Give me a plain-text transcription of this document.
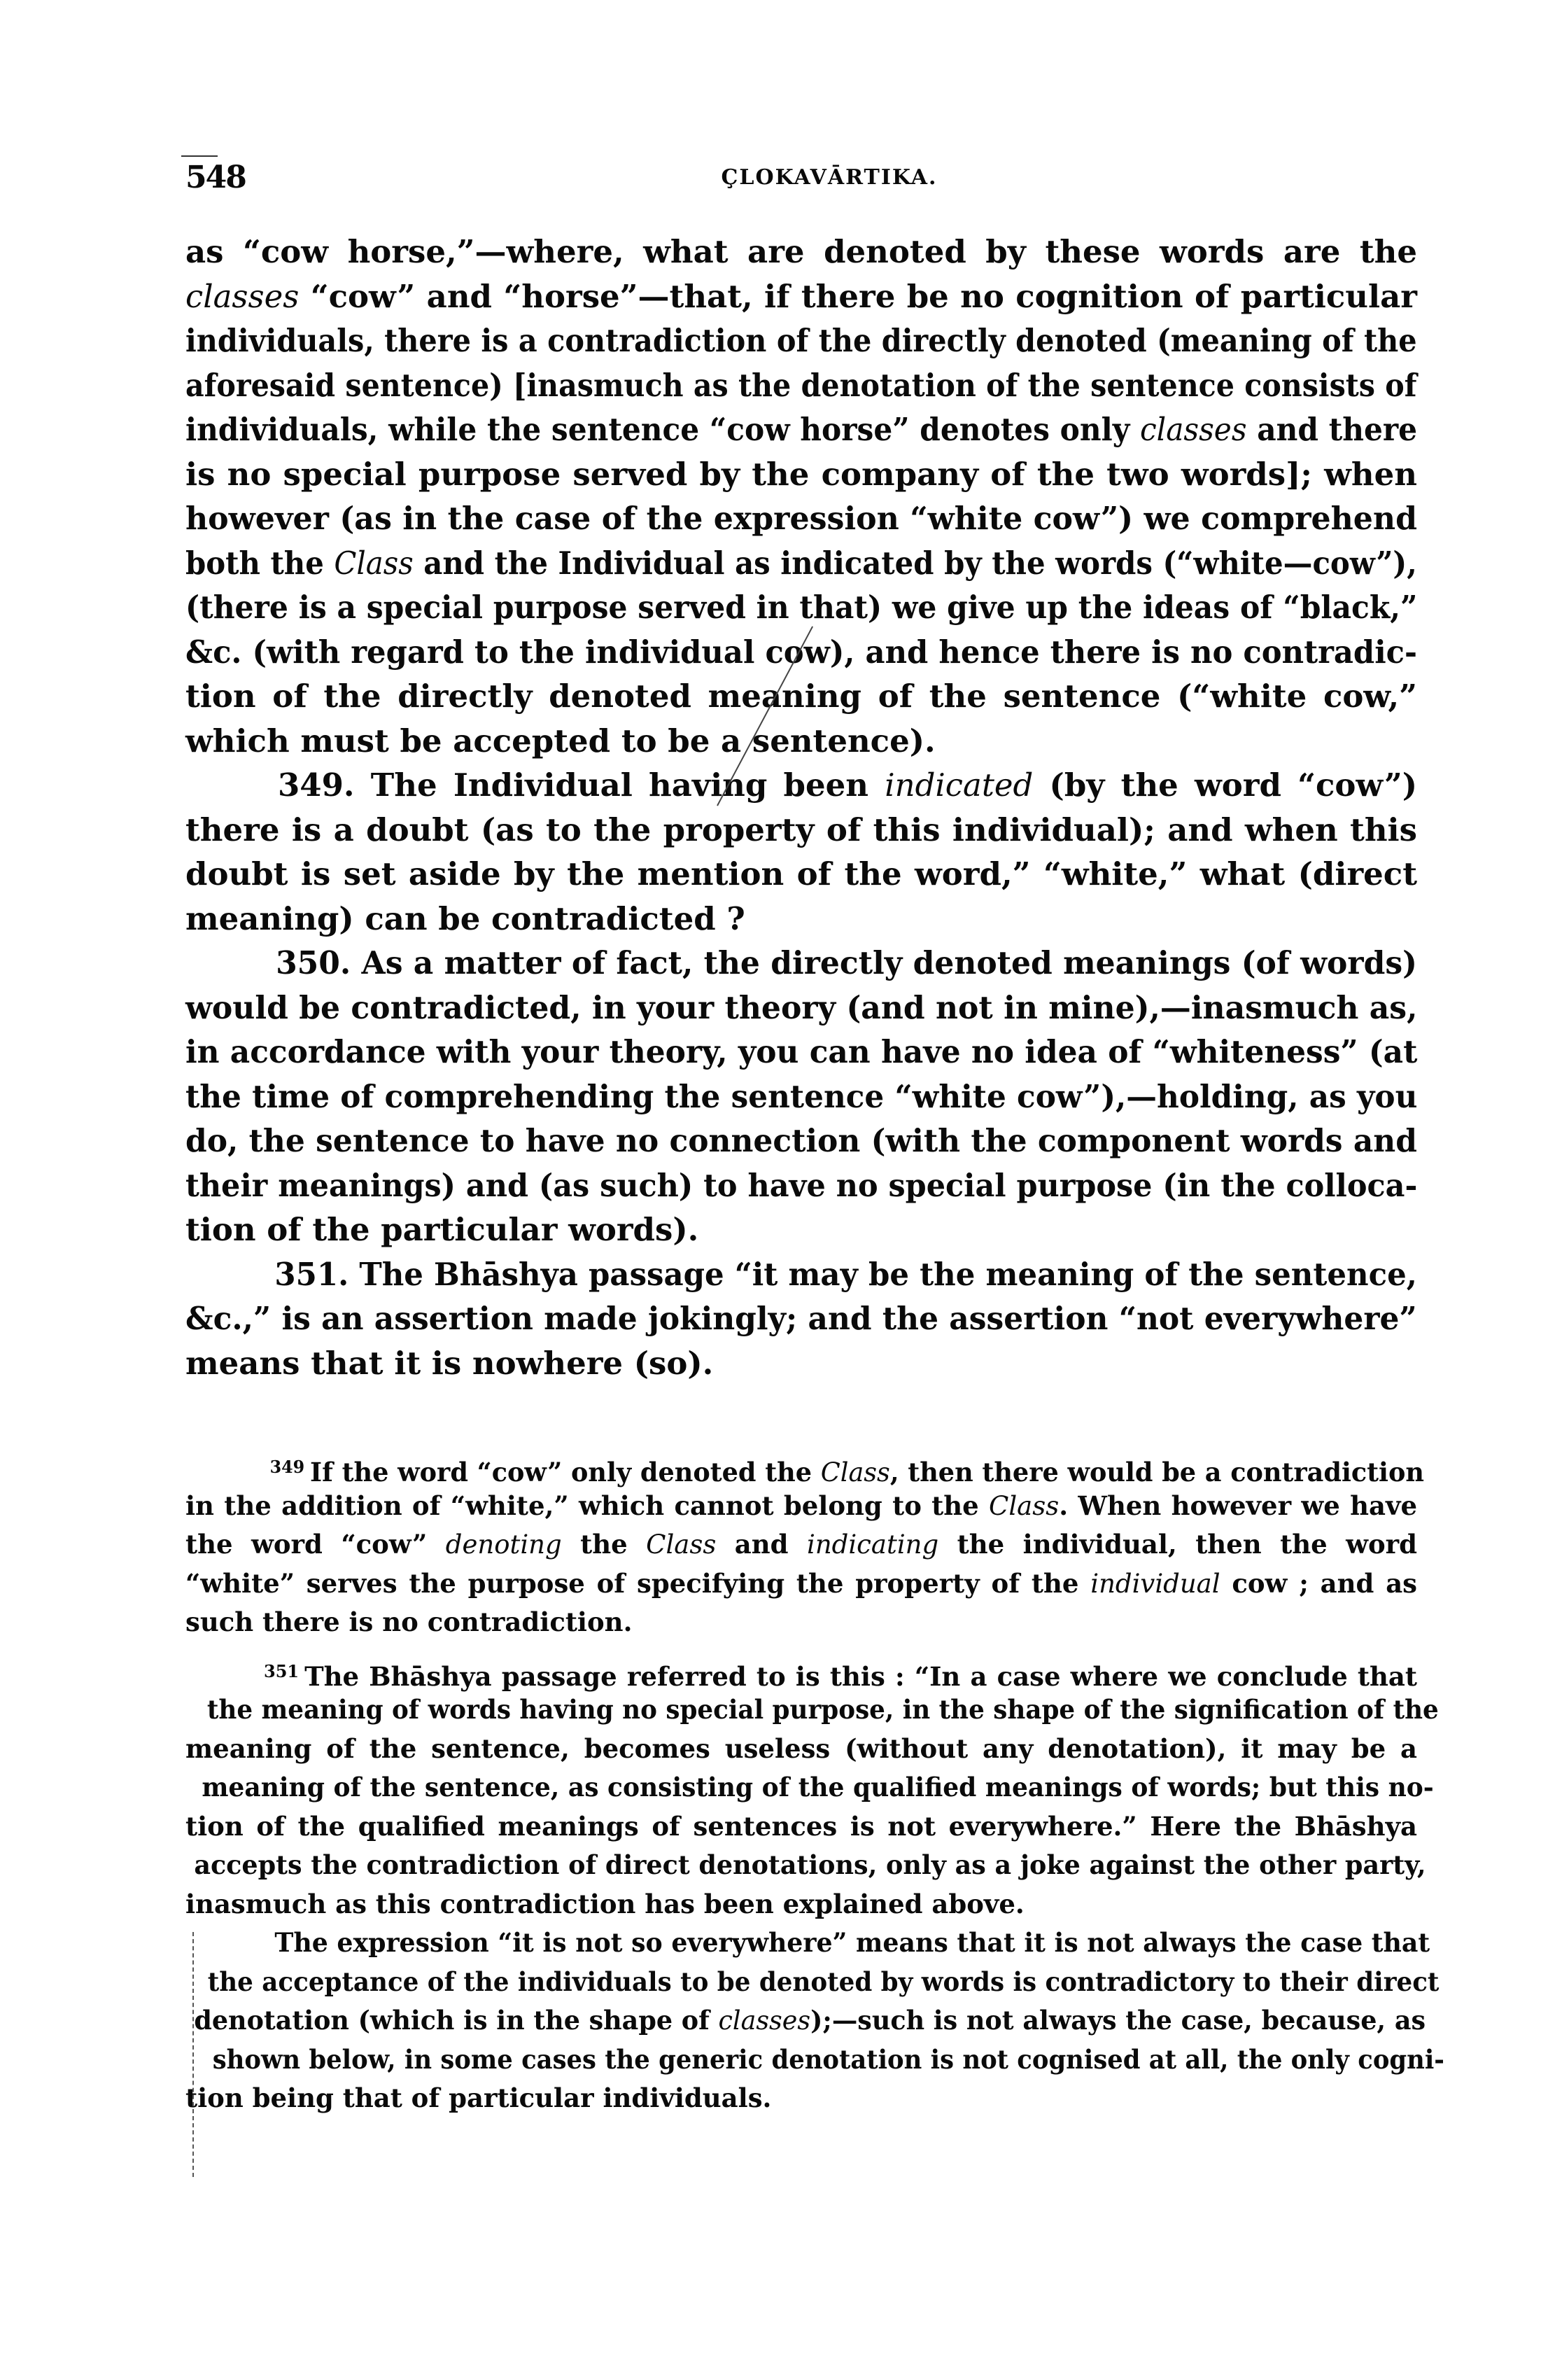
548	ÇLOKAVĀRTIKA.
as “cow horse,”—where, what are denoted by these words are the
classes “cow” and “horse”—that, if there be no cognition of particular
individuals, there is a contradiction of the directly denoted (meaning of the
aforesaid sentence) [inasmuch as the denotation of the sentence consists of
individuals, while the sentence “cow horse” denotes only classes and there
is no special purpose served by the company of the two words]; when
however (as in the case of the expression “white cow”) we comprehend
both the Class and the Individual as indicated by the words (“white—cow”),
(there is a special purpose served in that) we give up the ideas of “black,”
&c. (with regard to the individual cow), and hence there is no contradic-
tion of the directly denoted meaning of the sentence (“white cow,”
which must be accepted to be a sentence).
349. The Individual having been indicated (by the word “cow”)
there is a doubt (as to the property of this individual); and when this
doubt is set aside by the mention of the word,” “white,” what (direct
meaning) can be contradicted ?
350. As a matter of fact, the directly denoted meanings (of words)
would be contradicted, in your theory (and not in mine),—inasmuch as,
in accordance with your theory, you can have no idea of “whiteness” (at
the time of comprehending the sentence “white cow”),—holding, as you
do, the sentence to have no connection (with the component words and
their meanings) and (as such) to have no special purpose (in the colloca-
tion of the particular words).
351. The Bhāshya passage “it may be the meaning of the sentence,
&c.,” is an assertion made jokingly; and the assertion “not everywhere”
means that it is nowhere (so).
$^{349}$ If the word “cow” only denoted the Class, then there would be a contradiction
in the addition of “white,” which cannot belong to the Class. When however we have
the word “cow” denoting the Class and indicating the individual, then the word
“white” serves the purpose of specifying the property of the individual cow ; and as
such there is no contradiction.
$^{351}$ The Bhāshya passage referred to is this : “In a case where we conclude that
the meaning of words having no special purpose, in the shape of the signification of the
meaning of the sentence, becomes useless (without any denotation), it may be a
meaning of the sentence, as consisting of the qualified meanings of words; but this no-
tion of the qualified meanings of sentences is not everywhere.” Here the Bhāshya
accepts the contradiction of direct denotations, only as a joke against the other party,
inasmuch as this contradiction has been explained above.
The expression “it is not so everywhere” means that it is not always the case that
the acceptance of the individuals to be denoted by words is contradictory to their direct
denotation (which is in the shape of classes);—such is not always the case, because, as
shown below, in some cases the generic denotation is not cognised at all, the only cogni-
tion being that of particular individuals.
